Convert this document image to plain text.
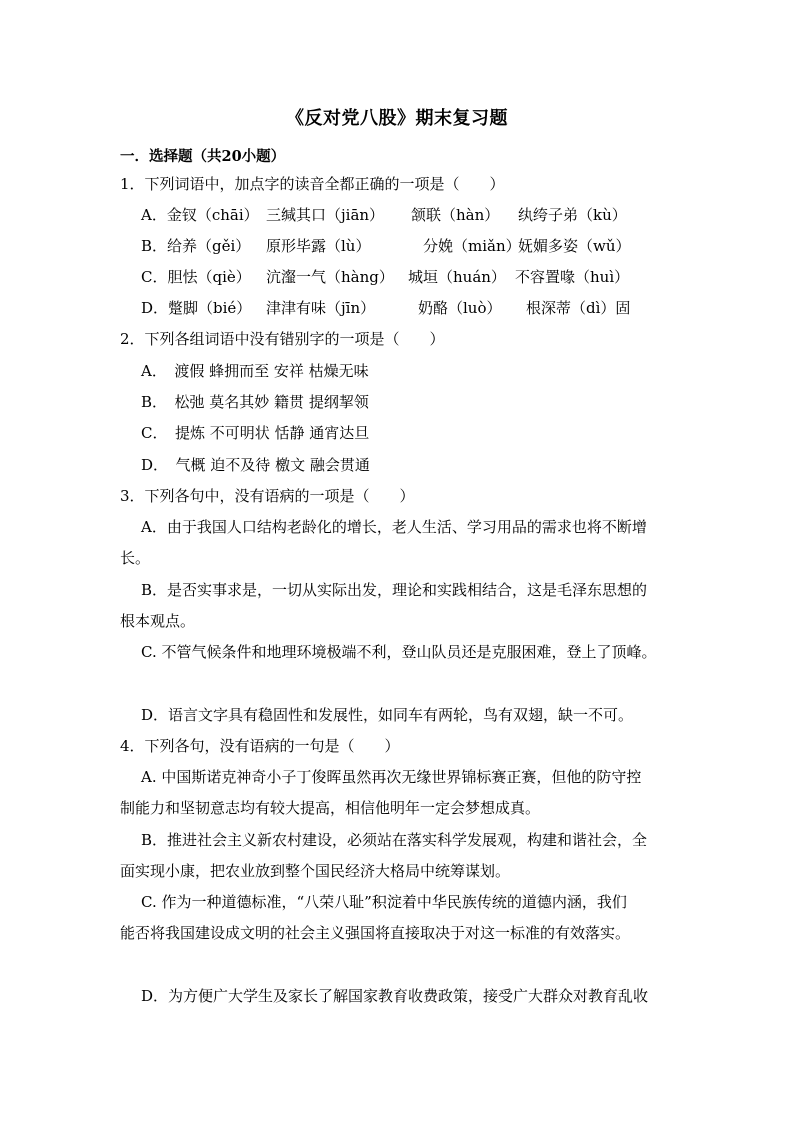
《反对党八股》期末复习题
一．选择题（共20小题）
1．下列词语中，加点字的读音全都正确的一项是（　　）
A．金钗（chāi） 三缄其口（jiān） 颔联（hàn） 纨绔子弟（kù）
B．给养（gěi） 原形毕露（lù）	分娩（miǎn）妩媚多姿（wǔ）
C．胆怯（qiè） 沆瀣一气（hàng） 城垣（huán） 不容置喙（huì）
D．蹩脚（bié） 津津有味（jīn）	奶酪（luò） 根深蒂（dì）固
2．下列各组词语中没有错别字的一项是（　　）
A．　渡假 蜂拥而至 安祥 枯燥无味
B．　松弛 莫名其妙 籍贯 提纲挈领
C．　提炼 不可明状 恬静 通宵达旦
D．　气概 迫不及待 檄文 融会贯通
3．下列各句中，没有语病的一项是（　　）
A．由于我国人口结构老龄化的增长，老人生活、学习用品的需求也将不断增
长。
B．是否实事求是，一切从实际出发，理论和实践相结合，这是毛泽东思想的
根本观点。
C. 不管气候条件和地理环境极端不利，登山队员还是克服困难，登上了顶峰。
D．语言文字具有稳固性和发展性，如同车有两轮，鸟有双翅，缺一不可。
4．下列各句，没有语病的一句是（　　）
A. 中国斯诺克神奇小子丁俊晖虽然再次无缘世界锦标赛正赛，但他的防守控
制能力和坚韧意志均有较大提高，相信他明年一定会梦想成真。
B．推进社会主义新农村建设，必须站在落实科学发展观，构建和谐社会，全
面实现小康，把农业放到整个国民经济大格局中统筹谋划。
C. 作为一种道德标准，“八荣八耻”积淀着中华民族传统的道德内涵，我们
能否将我国建设成文明的社会主义强国将直接取决于对这一标准的有效落实。
D．为方便广大学生及家长了解国家教育收费政策，接受广大群众对教育乱收
